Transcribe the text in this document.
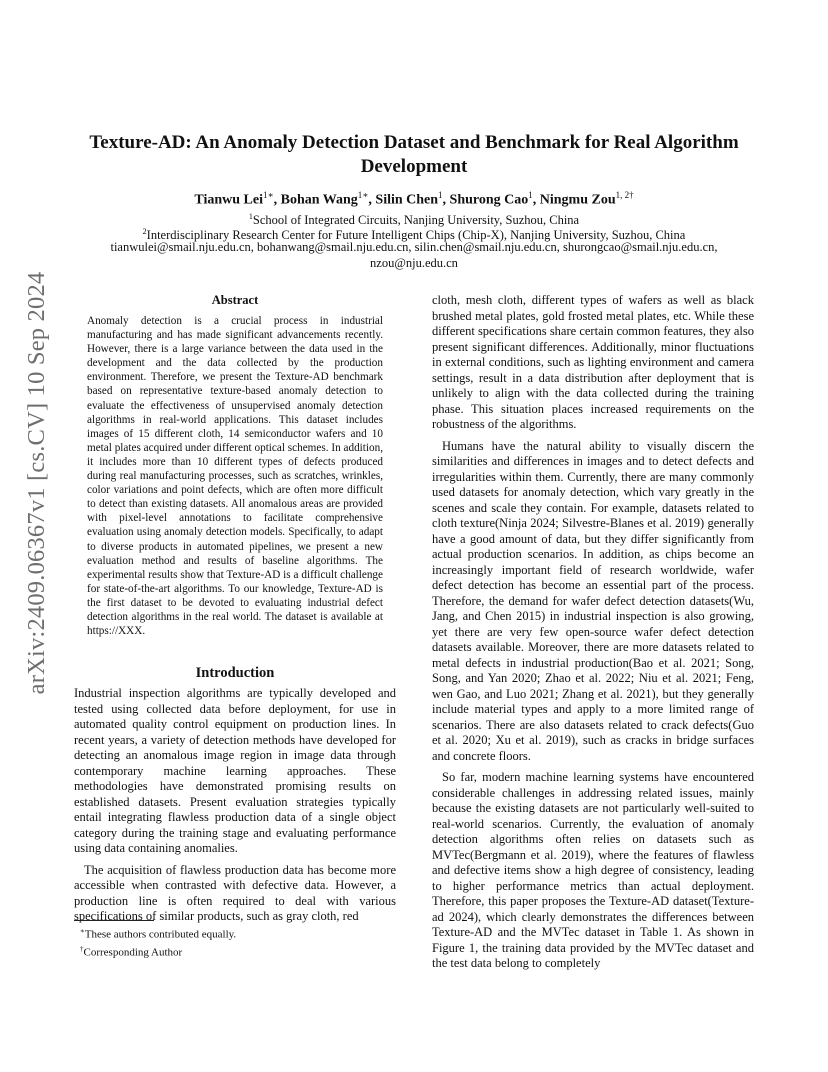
arXiv:2409.06367v1 [cs.CV] 10 Sep 2024
Texture-AD: An Anomaly Detection Dataset and Benchmark for Real Algorithm Development
Tianwu Lei$^{1∗}$, Bohan Wang$^{1∗}$, Silin Chen$^1$, Shurong Cao$^1$, Ningmu Zou$^{1, 2\dagger}$
$^1$School of Integrated Circuits, Nanjing University, Suzhou, China
$^2$Interdisciplinary Research Center for Future Intelligent Chips (Chip-X), Nanjing University, Suzhou, China
tianwulei@smail.nju.edu.cn, bohanwang@smail.nju.edu.cn, silin.chen@smail.nju.edu.cn, shurongcao@smail.nju.edu.cn,
nzou@nju.edu.cn
Abstract

Anomaly detection is a crucial process in industrial manufacturing and has made significant advancements recently. However, there is a large variance between the data used in the development and the data collected by the production environment. Therefore, we present the Texture-AD benchmark based on representative texture-based anomaly detection to evaluate the effectiveness of unsupervised anomaly detection algorithms in real-world applications. This dataset includes images of 15 different cloth, 14 semiconductor wafers and 10 metal plates acquired under different optical schemes. In addition, it includes more than 10 different types of defects produced during real manufacturing processes, such as scratches, wrinkles, color variations and point defects, which are often more difficult to detect than existing datasets. All anomalous areas are provided with pixel-level annotations to facilitate comprehensive evaluation using anomaly detection models. Specifically, to adapt to diverse products in automated pipelines, we present a new evaluation method and results of baseline algorithms. The experimental results show that Texture-AD is a difficult challenge for state-of-the-art algorithms. To our knowledge, Texture-AD is the first dataset to be devoted to evaluating industrial defect detection algorithms in the real world. The dataset is available at https://XXX.

Introduction

Industrial inspection algorithms are typically developed and tested using collected data before deployment, for use in automated quality control equipment on production lines. In recent years, a variety of detection methods have developed for detecting an anomalous image region in image data through contemporary machine learning approaches. These methodologies have demonstrated promising results on established datasets. Present evaluation strategies typically entail integrating flawless production data of a single object category during the training stage and evaluating performance using data containing anomalies.

The acquisition of flawless production data has become more accessible when contrasted with defective data. However, a production line is often required to deal with various specifications of similar products, such as gray cloth, red

cloth, mesh cloth, different types of wafers as well as black brushed metal plates, gold frosted metal plates, etc. While these different specifications share certain common features, they also present significant differences. Additionally, minor fluctuations in external conditions, such as lighting environment and camera settings, result in a data distribution after deployment that is unlikely to align with the data collected during the training phase. This situation places increased requirements on the robustness of the algorithms.

Humans have the natural ability to visually discern the similarities and differences in images and to detect defects and irregularities within them. Currently, there are many commonly used datasets for anomaly detection, which vary greatly in the scenes and scale they contain. For example, datasets related to cloth texture(Ninja 2024; Silvestre-Blanes et al. 2019) generally have a good amount of data, but they differ significantly from actual production scenarios. In addition, as chips become an increasingly important field of research worldwide, wafer defect detection has become an essential part of the process. Therefore, the demand for wafer defect detection datasets(Wu, Jang, and Chen 2015) in industrial inspection is also growing, yet there are very few open-source wafer defect detection datasets available. Moreover, there are more datasets related to metal defects in industrial production(Bao et al. 2021; Song, Song, and Yan 2020; Zhao et al. 2022; Niu et al. 2021; Feng, wen Gao, and Luo 2021; Zhang et al. 2021), but they generally include material types and apply to a more limited range of scenarios. There are also datasets related to crack defects(Guo et al. 2020; Xu et al. 2019), such as cracks in bridge surfaces and concrete floors.

So far, modern machine learning systems have encountered considerable challenges in addressing related issues, mainly because the existing datasets are not particularly well-suited to real-world scenarios. Currently, the evaluation of anomaly detection algorithms often relies on datasets such as MVTec(Bergmann et al. 2019), where the features of flawless and defective items show a high degree of consistency, leading to higher performance metrics than actual deployment. Therefore, this paper proposes the Texture-AD dataset(Texture-ad 2024), which clearly demonstrates the differences between Texture-AD and the MVTec dataset in Table 1. As shown in Figure 1, the training data provided by the MVTec dataset and the test data belong to completely

∗These authors contributed equally.
†Corresponding Author
